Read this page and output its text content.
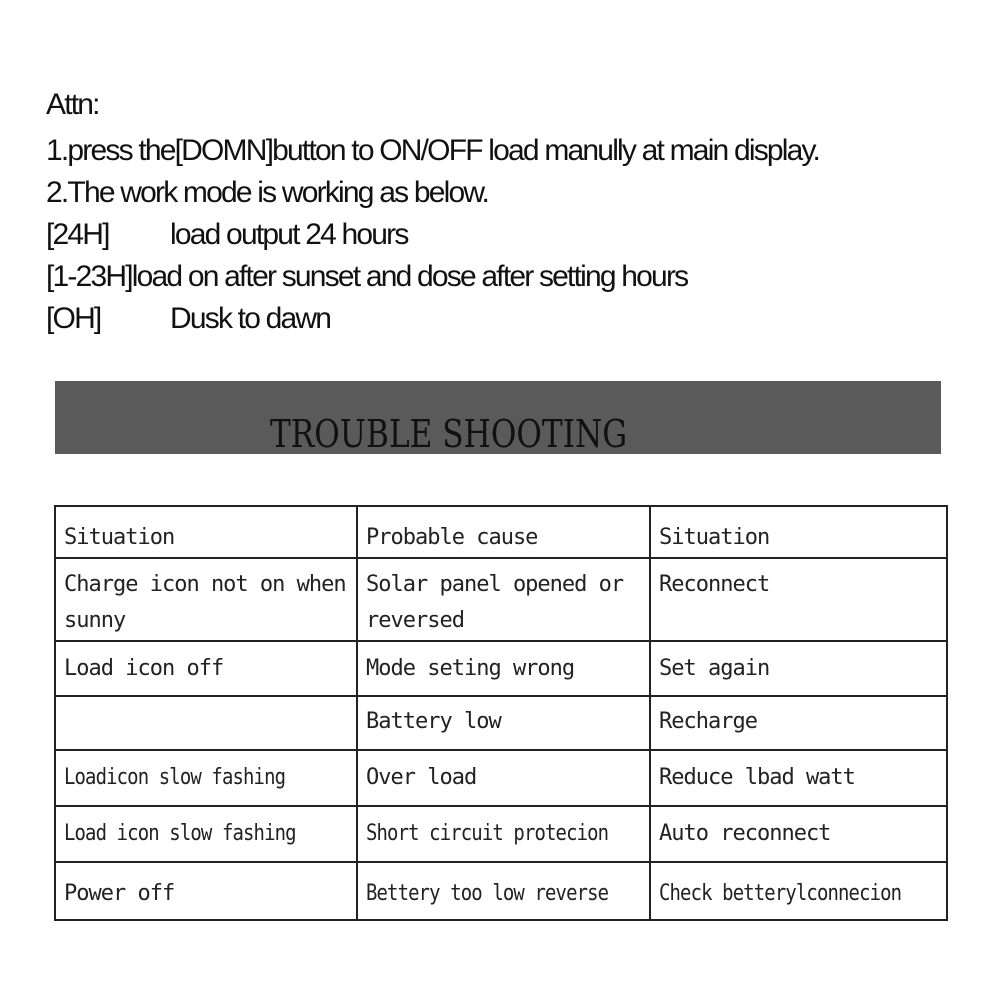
Attn:
1.press the[DOMN]button to ON/OFF load manully at main display.
2.The work mode is working as below.
[24H] load output 24 hours
[1-23H]load on after sunset and dose after setting hours
[OH] Dusk to dawn
TROUBLE SHOOTING
Situation	Probable cause	Situation
Charge icon not on when sunny	Solar panel opened or reversed	Reconnect
Load icon off	Mode seting wrong	Set again
	Battery low	Recharge
Loadicon slow fashing	Over load	Reduce lbad watt
Load icon slow fashing	Short circuit protecion	Auto reconnect
Power off	Bettery too low reverse	Check betterylconnecion
